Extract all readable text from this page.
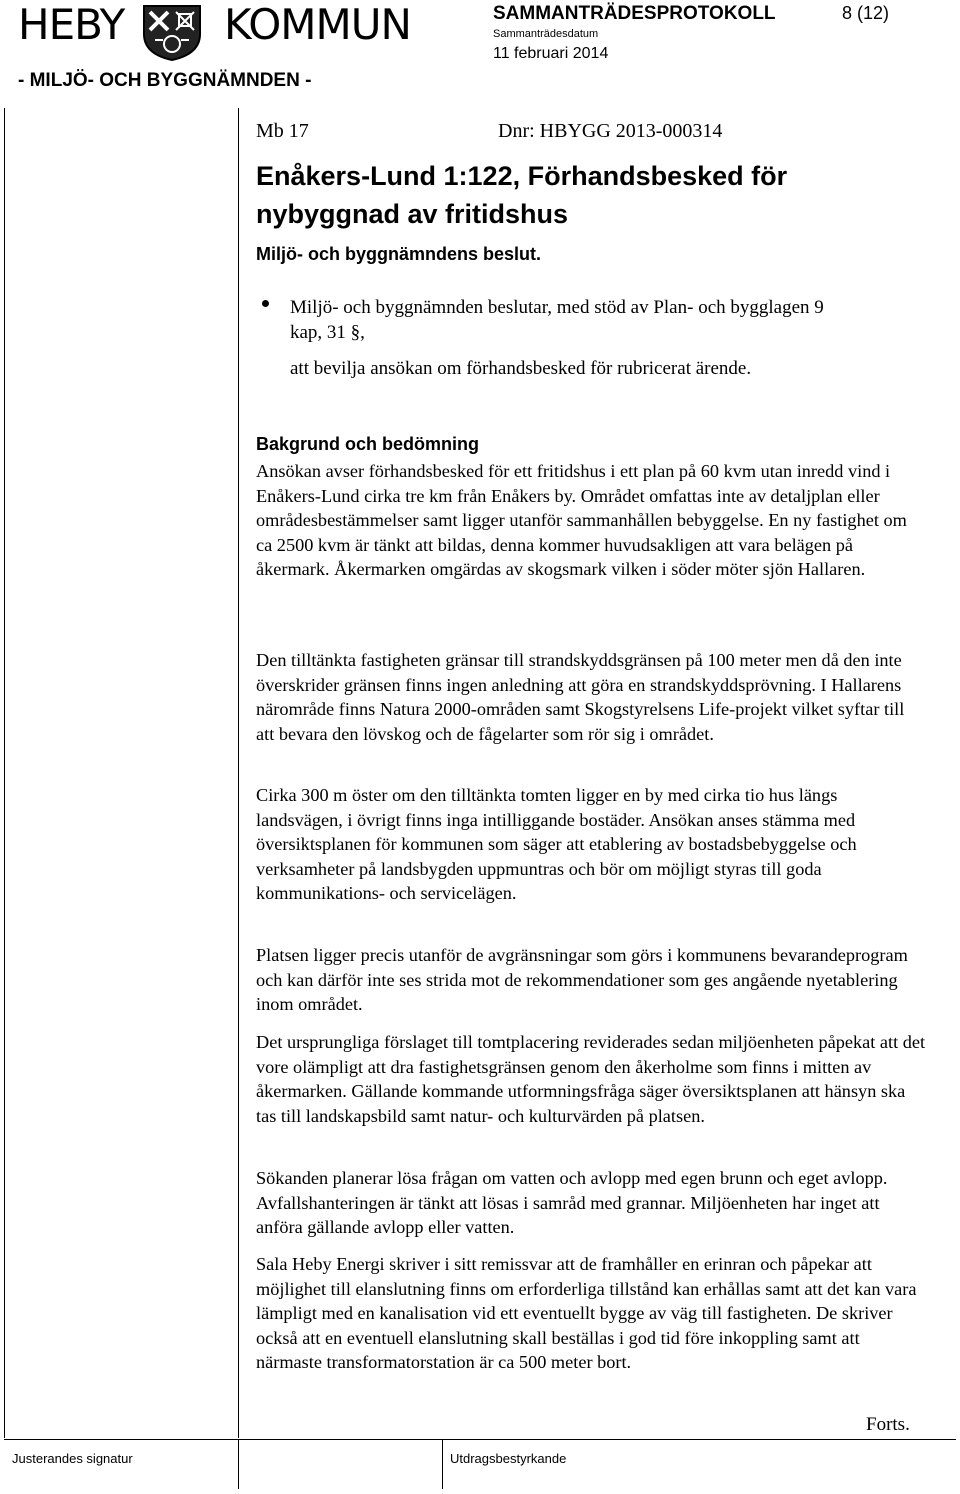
HEBY KOMMUN
- MILJÖ- OCH BYGGNÄMNDEN -
SAMMANTRÄDESPROTOKOLL	8 (12)
Sammanträdesdatum
11 februari 2014
Mb 17	Dnr: HBYGG 2013-000314
Enåkers-Lund 1:122, Förhandsbesked för nybyggnad av fritidshus
Miljö- och byggnämndens beslut.
Miljö- och byggnämnden beslutar, med stöd av Plan- och bygglagen 9 kap, 31 §,
att bevilja ansökan om förhandsbesked för rubricerat ärende.
Bakgrund och bedömning

Ansökan avser förhandsbesked för ett fritidshus i ett plan på 60 kvm utan inredd vind i Enåkers-Lund cirka tre km från Enåkers by. Området omfattas inte av detaljplan eller områdesbestämmelser samt ligger utanför sammanhållen bebyggelse. En ny fastighet om ca 2500 kvm är tänkt att bildas, denna kommer huvudsakligen att vara belägen på åkermark. Åkermarken omgärdas av skogsmark vilken i söder möter sjön Hallaren.

Den tilltänkta fastigheten gränsar till strandskyddsgränsen på 100 meter men då den inte överskrider gränsen finns ingen anledning att göra en strandskyddsprövning. I Hallarens närområde finns Natura 2000-områden samt Skogstyrelsens Life-projekt vilket syftar till att bevara den lövskog och de fågelarter som rör sig i området.

Cirka 300 m öster om den tilltänkta tomten ligger en by med cirka tio hus längs landsvägen, i övrigt finns inga intilliggande bostäder. Ansökan anses stämma med översiktsplanen för kommunen som säger att etablering av bostadsbebyggelse och verksamheter på landsbygden uppmuntras och bör om möjligt styras till goda kommunikations- och servicelägen.

Platsen ligger precis utanför de avgränsningar som görs i kommunens bevarandeprogram och kan därför inte ses strida mot de rekommendationer som ges angående nyetablering inom området.

Det ursprungliga förslaget till tomtplacering reviderades sedan miljöenheten påpekat att det vore olämpligt att dra fastighetsgränsen genom den åkerholme som finns i mitten av åkermarken. Gällande kommande utformningsfråga säger översiktsplanen att hänsyn ska tas till landskapsbild samt natur- och kulturvärden på platsen.

Sökanden planerar lösa frågan om vatten och avlopp med egen brunn och eget avlopp. Avfallshanteringen är tänkt att lösas i samråd med grannar. Miljöenheten har inget att anföra gällande avlopp eller vatten.

Sala Heby Energi skriver i sitt remissvar att de framhåller en erinran och påpekar att möjlighet till elanslutning finns om erforderliga tillstånd kan erhållas samt att det kan vara lämpligt med en kanalisation vid ett eventuellt bygge av väg till fastigheten. De skriver också att en eventuell elanslutning skall beställas i god tid före inkoppling samt att närmaste transformatorstation är ca 500 meter bort.

Forts.
Justerandes signatur	Utdragsbestyrkande
